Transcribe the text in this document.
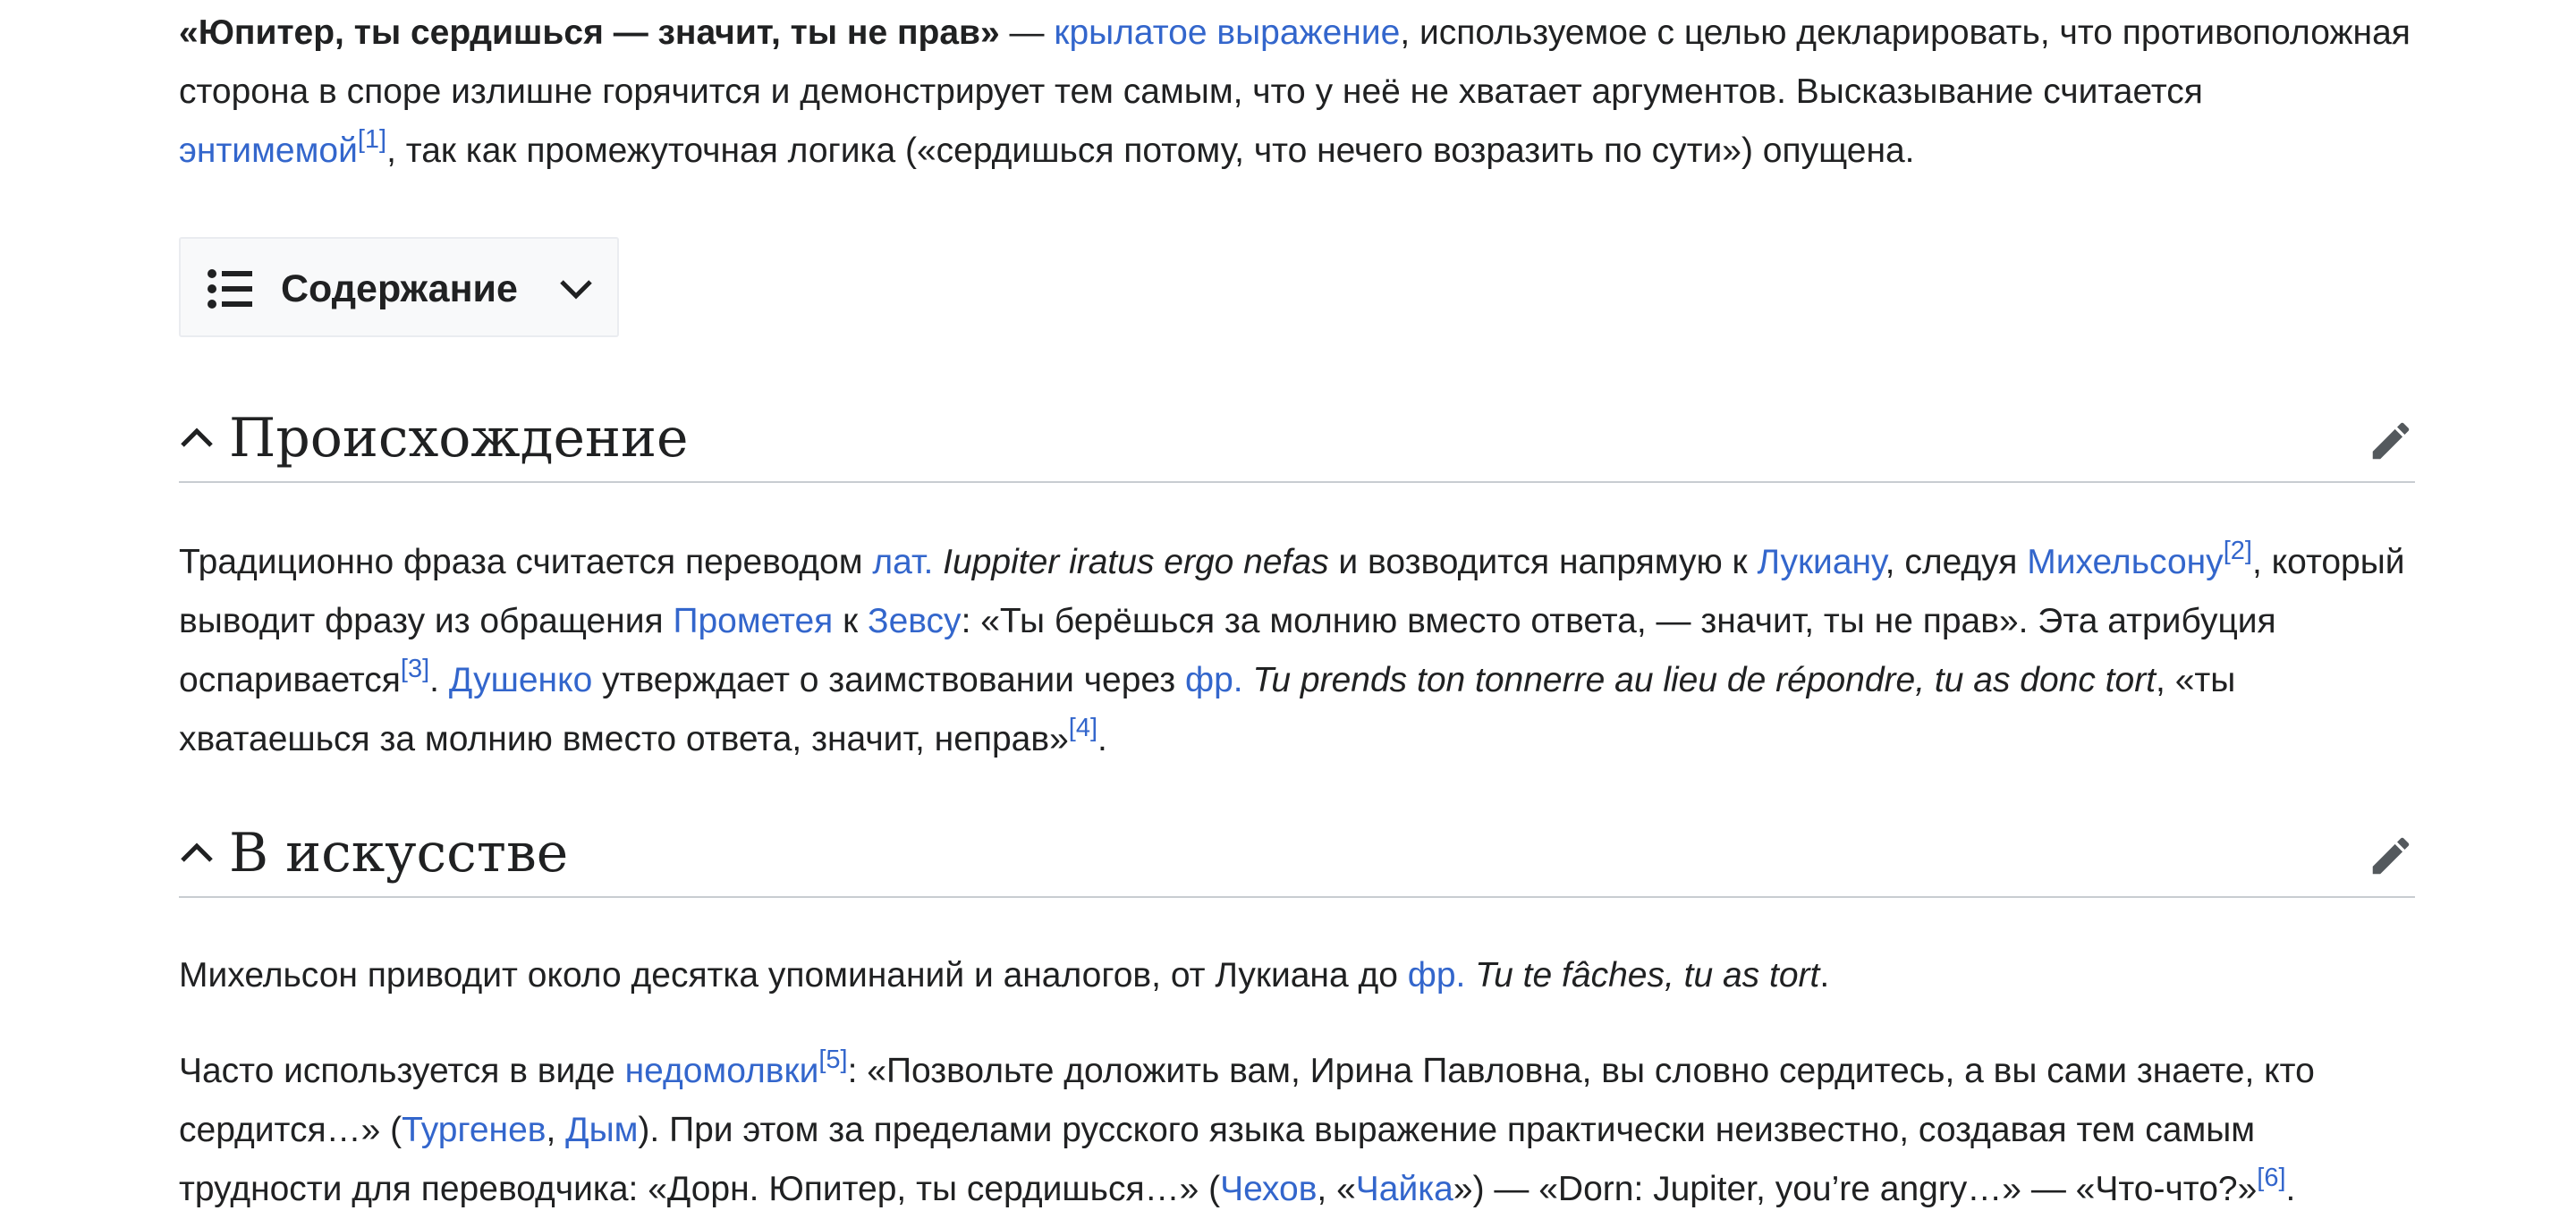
«Юпитер, ты сердишься — значит, ты не прав» — крылатое выражение, используемое с целью декларировать, что противоположная сторона в споре излишне горячится и демонстрирует тем самым, что у неё не хватает аргументов. Высказывание считается энтимемой[1], так как промежуточная логика («сердишься потому, что нечего возразить по сути») опущена.

Содержание
Происхождение

Традиционно фраза считается переводом лат. Iuppiter iratus ergo nefas и возводится напрямую к Лукиану, следуя Михельсону[2], который выводит фразу из обращения Прометея к Зевсу: «Ты берёшься за молнию вместо ответа, — значит, ты не прав». Эта атрибуция оспаривается[3]. Душенко утверждает о заимствовании через фр. Tu prends ton tonnerre au lieu de répondre, tu as donc tort, «ты хватаешься за молнию вместо ответа, значит, неправ»[4].

В искусстве

Михельсон приводит около десятка упоминаний и аналогов, от Лукиана до фр. Tu te fâches, tu as tort.

Часто используется в виде недомолвки[5]: «Позвольте доложить вам, Ирина Павловна, вы словно сердитесь, а вы сами знаете, кто сердится…» (Тургенев, Дым). При этом за пределами русского языка выражение практически неизвестно, создавая тем самым трудности для переводчика: «Дорн. Юпитер, ты сердишься…» (Чехов, «Чайка») — «Dorn: Jupiter, you’re angry…» — «Что-что?»[6].
